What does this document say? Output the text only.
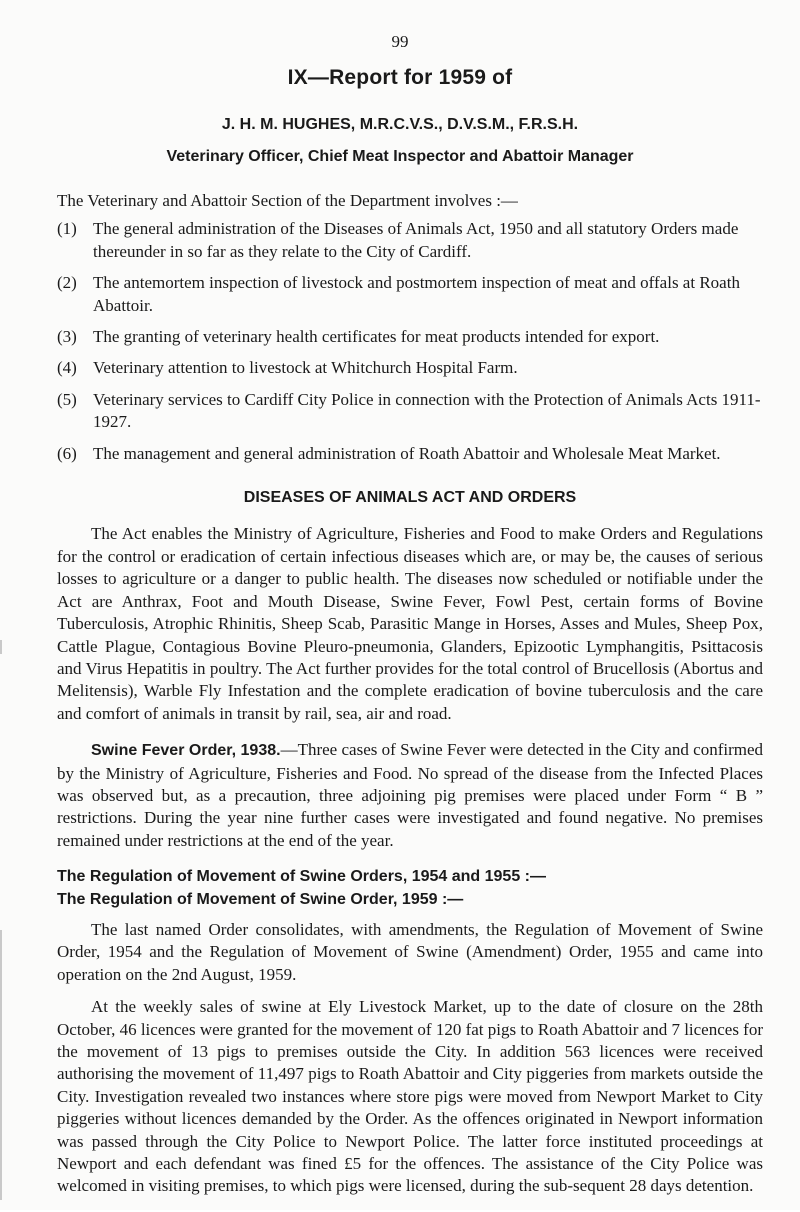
99
IX—Report for 1959 of
J. H. M. HUGHES, M.R.C.V.S., D.V.S.M., F.R.S.H.
Veterinary Officer, Chief Meat Inspector and Abattoir Manager

The Veterinary and Abattoir Section of the Department involves :—

(1) The general administration of the Diseases of Animals Act, 1950 and all statutory Orders made thereunder in so far as they relate to the City of Cardiff.
(2) The antemortem inspection of livestock and postmortem inspection of meat and offals at Roath Abattoir.
(3) The granting of veterinary health certificates for meat products intended for export.
(4) Veterinary attention to livestock at Whitchurch Hospital Farm.
(5) Veterinary services to Cardiff City Police in connection with the Protection of Animals Acts 1911-1927.
(6) The management and general administration of Roath Abattoir and Wholesale Meat Market.
DISEASES OF ANIMALS ACT AND ORDERS

The Act enables the Ministry of Agriculture, Fisheries and Food to make Orders and Regulations for the control or eradication of certain infectious diseases which are, or may be, the causes of serious losses to agriculture or a danger to public health. The diseases now scheduled or notifiable under the Act are Anthrax, Foot and Mouth Disease, Swine Fever, Fowl Pest, certain forms of Bovine Tuberculosis, Atrophic Rhinitis, Sheep Scab, Parasitic Mange in Horses, Asses and Mules, Sheep Pox, Cattle Plague, Contagious Bovine Pleuro-pneumonia, Glanders, Epizootic Lymphangitis, Psittacosis and Virus Hepatitis in poultry. The Act further provides for the total control of Brucellosis (Abortus and Melitensis), Warble Fly Infestation and the complete eradication of bovine tuberculosis and the care and comfort of animals in transit by rail, sea, air and road.

Swine Fever Order, 1938.—Three cases of Swine Fever were detected in the City and confirmed by the Ministry of Agriculture, Fisheries and Food. No spread of the disease from the Infected Places was observed but, as a precaution, three adjoining pig premises were placed under Form “ B ” restrictions. During the year nine further cases were investigated and found negative. No premises remained under restrictions at the end of the year.

The Regulation of Movement of Swine Orders, 1954 and 1955 :—
The Regulation of Movement of Swine Order, 1959 :—

The last named Order consolidates, with amendments, the Regulation of Movement of Swine Order, 1954 and the Regulation of Movement of Swine (Amendment) Order, 1955 and came into operation on the 2nd August, 1959.

At the weekly sales of swine at Ely Livestock Market, up to the date of closure on the 28th October, 46 licences were granted for the movement of 120 fat pigs to Roath Abattoir and 7 licences for the movement of 13 pigs to premises outside the City. In addition 563 licences were received authorising the movement of 11,497 pigs to Roath Abattoir and City piggeries from markets outside the City. Investigation revealed two instances where store pigs were moved from Newport Market to City piggeries without licences demanded by the Order. As the offences originated in Newport information was passed through the City Police to Newport Police. The latter force instituted proceedings at Newport and each defendant was fined £5 for the offences. The assistance of the City Police was welcomed in visiting premises, to which pigs were licensed, during the sub-sequent 28 days detention.
